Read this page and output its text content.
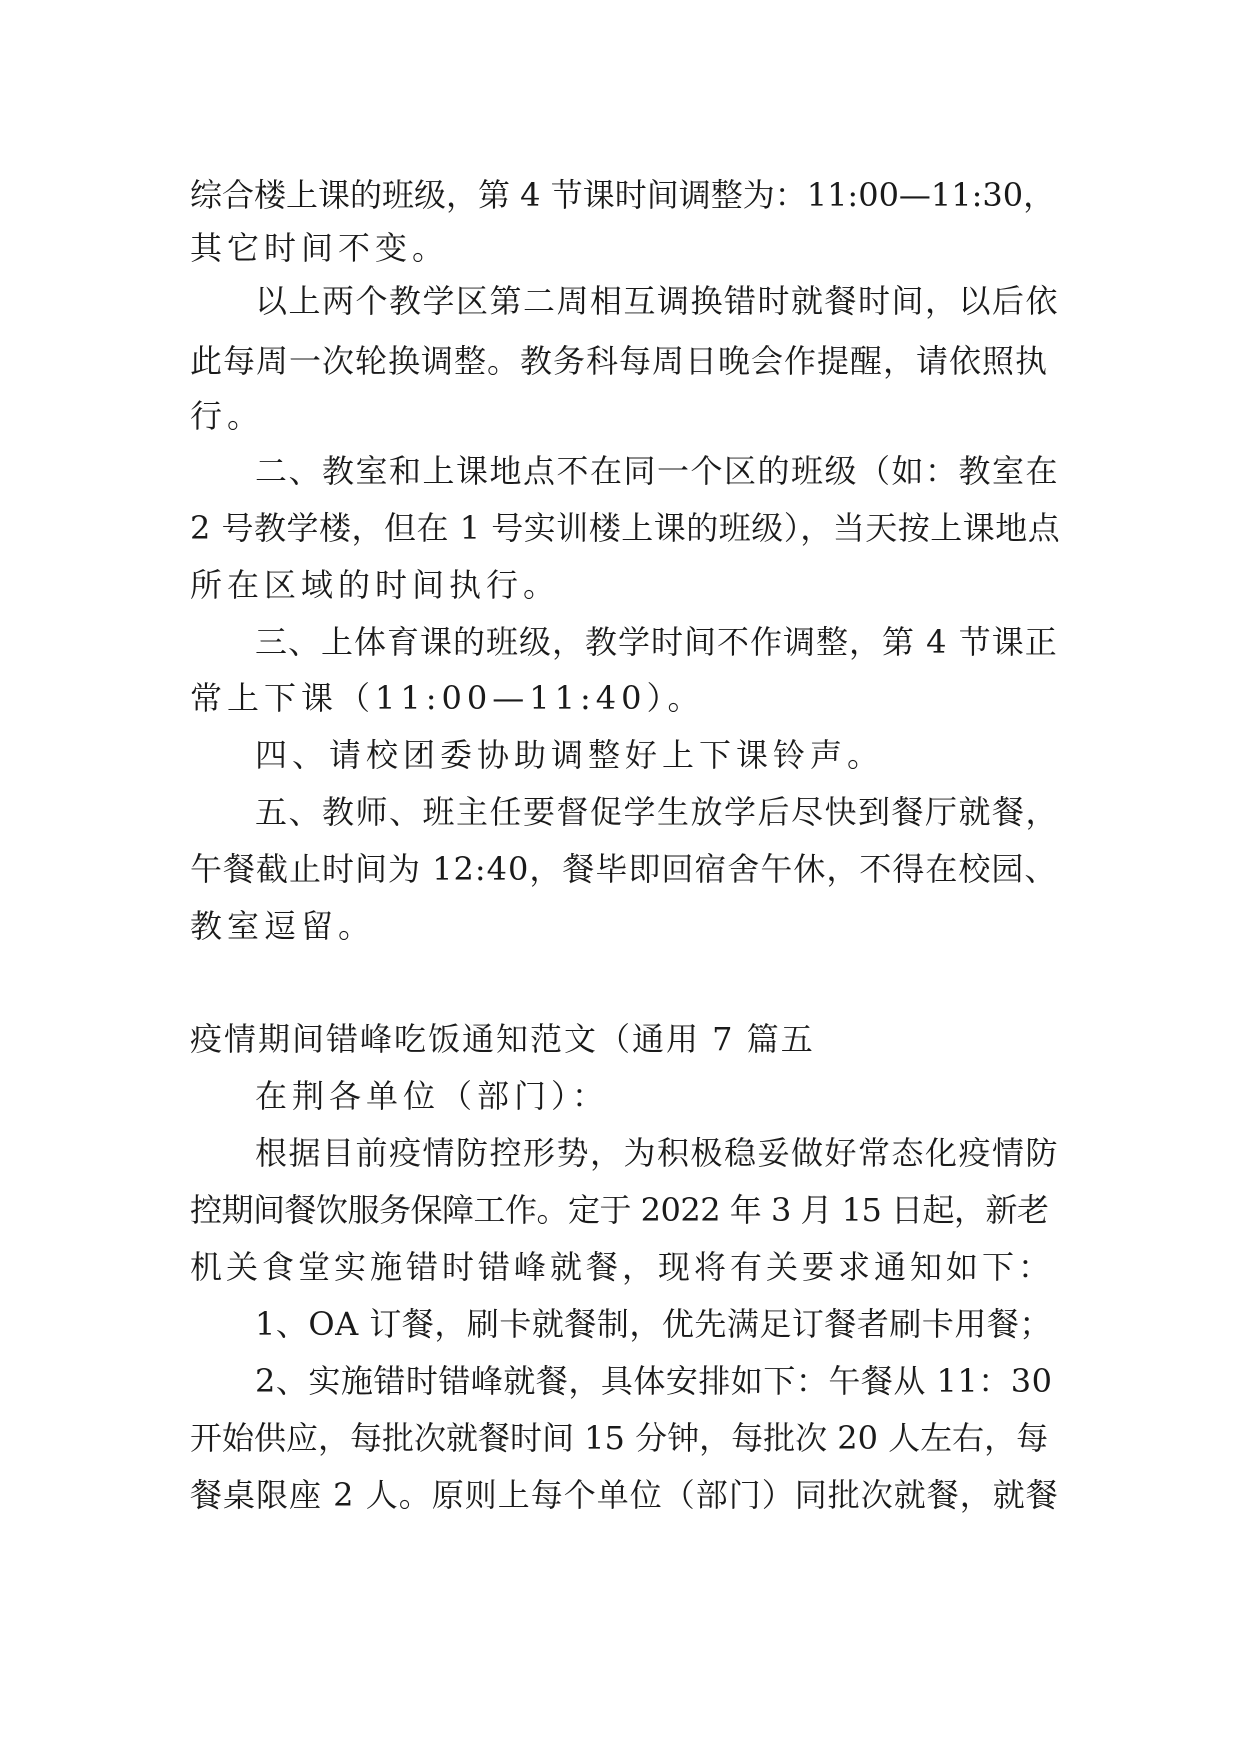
综合楼上课的班级，第 4 节课时间调整为：11:00—11:30，
其它时间不变。
以上两个教学区第二周相互调换错时就餐时间，以后依
此每周一次轮换调整。教务科每周日晚会作提醒，请依照执
行。
二、教室和上课地点不在同一个区的班级（如：教室在
2 号教学楼，但在 1 号实训楼上课的班级），当天按上课地点
所在区域的时间执行。
三、上体育课的班级，教学时间不作调整，第 4 节课正
常上下课（11:00—11:40）。
四、请校团委协助调整好上下课铃声。
五、教师、班主任要督促学生放学后尽快到餐厅就餐，
午餐截止时间为 12:40，餐毕即回宿舍午休，不得在校园、
教室逗留。
疫情期间错峰吃饭通知范文（通用 7 篇五
在荆各单位（部门）：
根据目前疫情防控形势，为积极稳妥做好常态化疫情防
控期间餐饮服务保障工作。定于 2022 年 3 月 15 日起，新老
机关食堂实施错时错峰就餐，现将有关要求通知如下：
1、OA 订餐，刷卡就餐制，优先满足订餐者刷卡用餐；
2、实施错时错峰就餐，具体安排如下：午餐从 11：30
开始供应，每批次就餐时间 15 分钟，每批次 20 人左右，每
餐桌限座 2 人。原则上每个单位（部门）同批次就餐，就餐
